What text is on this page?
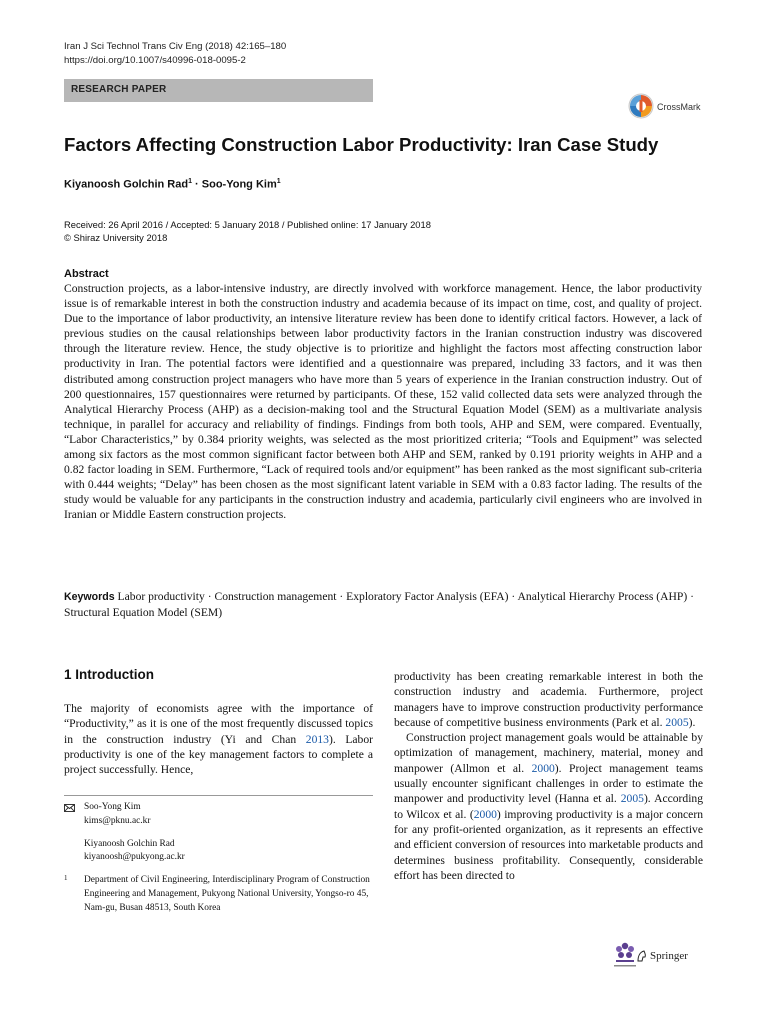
Iran J Sci Technol Trans Civ Eng (2018) 42:165–180
https://doi.org/10.1007/s40996-018-0095-2
RESEARCH PAPER
CrossMark
Factors Affecting Construction Labor Productivity: Iran Case Study
Kiyanoosh Golchin Rad$^1$ · Soo-Yong Kim$^1$
Received: 26 April 2016 / Accepted: 5 January 2018 / Published online: 17 January 2018
© Shiraz University 2018
Abstract
Construction projects, as a labor-intensive industry, are directly involved with workforce management. Hence, the labor productivity issue is of remarkable interest in both the construction industry and academia because of its impact on time, cost, and quality of project. Due to the importance of labor productivity, an intensive literature review has been done to identify critical factors. However, a lack of previous studies on the causal relationships between labor productivity factors in the Iranian construction industry was discovered through the literature review. Hence, the study objective is to prioritize and highlight the factors most affecting construction labor productivity in Iran. The potential factors were identified and a questionnaire was prepared, including 33 factors, and it was then distributed among construction project managers who have more than 5 years of experience in the Iranian construction industry. Out of 200 questionnaires, 157 questionnaires were returned by participants. Of these, 152 valid collected data sets were analyzed through the Analytical Hierarchy Process (AHP) as a decision-making tool and the Structural Equation Model (SEM) as a multivariate analysis technique, in parallel for accuracy and reliability of findings. Findings from both tools, AHP and SEM, were compared. Eventually, “Labor Characteristics,” by 0.384 priority weights, was selected as the most prioritized criteria; “Tools and Equipment” was selected among six factors as the most common significant factor between both AHP and SEM, ranked by 0.191 priority weights in AHP and a 0.82 factor loading in SEM. Furthermore, “Lack of required tools and/or equipment” has been ranked as the most significant sub-criteria with 0.444 weights; “Delay” has been chosen as the most significant latent variable in SEM with a 0.83 factor lading. The results of the study would be valuable for any participants in the construction industry and academia, particularly civil engineers who are involved in Iranian or Middle Eastern construction projects.
Keywords Labor productivity · Construction management · Exploratory Factor Analysis (EFA) · Analytical Hierarchy Process (AHP) · Structural Equation Model (SEM)
1 Introduction

The majority of economists agree with the importance of “Productivity,” as it is one of the most frequently discussed topics in the construction industry (Yi and Chan 2013). Labor productivity is one of the key management factors to complete a project successfully. Hence,

Soo-Yong Kim
kims@pknu.ac.kr
Kiyanoosh Golchin Rad
kiyanoosh@pukyong.ac.kr
1	Department of Civil Engineering, Interdisciplinary Program of Construction Engineering and Management, Pukyong National University, Yongso-ro 45, Nam-gu, Busan 48513, South Korea

productivity has been creating remarkable interest in both the construction industry and academia. Furthermore, project managers have to improve construction productivity performance because of competitive business environments (Park et al. 2005).

Construction project management goals would be attainable by optimization of management, machinery, material, money and manpower (Allmon et al. 2000). Project management teams usually encounter significant challenges in order to estimate the manpower and productivity level (Hanna et al. 2005). According to Wilcox et al. (2000) improving productivity is a major concern for any profit-oriented organization, as it represents an effective and efficient conversion of resources into marketable products and determines business profitability. Consequently, considerable effort has been directed to

Springer
